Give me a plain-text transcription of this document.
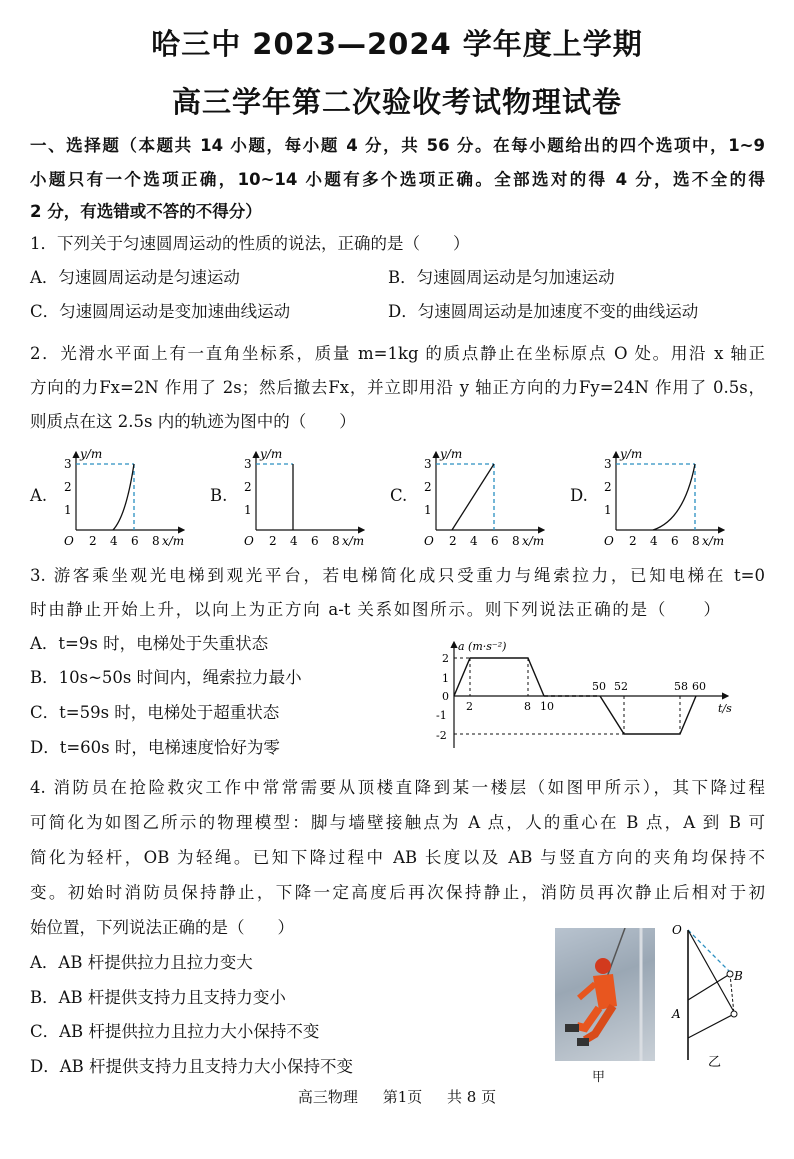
哈三中 2023—2024 学年度上学期
高三学年第二次验收考试物理试卷
一、选择题（本题共 14 小题，每小题 4 分，共 56 分。在每小题给出的四个选项中，1~9
小题只有一个选项正确，10~14 小题有多个选项正确。全部选对的得 4 分，选不全的得
2 分，有选错或不答的不得分）
1．下列关于匀速圆周运动的性质的说法，正确的是（　　）
A．匀速圆周运动是匀速运动	B．匀速圆周运动是匀加速运动
C．匀速圆周运动是变加速曲线运动	D．匀速圆周运动是加速度不变的曲线运动
2．光滑水平面上有一直角坐标系，质量 m=1kg 的质点静止在坐标原点 O 处。用沿 x 轴正
方向的力Fx=2N 作用了 2s；然后撤去Fx，并立即用沿 y 轴正方向的力Fy=24N 作用了 0.5s，
则质点在这 2.5s 内的轨迹为图中的（　　）
A.	B.	C.	D.
y/m
O 2 4 6 8 x/m
1
2
3
y/m
O 2 4 6 8 x/m
1
2
3
y/m
O 2 4 6 8 x/m
1
2
3
y/m
O 2 4 6 8 x/m
1
2
3
3. 游客乘坐观光电梯到观光平台，若电梯简化成只受重力与绳索拉力，已知电梯在 t=0
时由静止开始上升，以向上为正方向 a-t 关系如图所示。则下列说法正确的是（　　）
A．t=9s 时，电梯处于失重状态
B．10s~50s 时间内，绳索拉力最小
C．t=59s 时，电梯处于超重状态
D．t=60s 时，电梯速度恰好为零
a (m·s⁻²)
t/s
2
1
0
-1
-2
2	8 10
50 52	58 60
4. 消防员在抢险救灾工作中常常需要从顶楼直降到某一楼层（如图甲所示），其下降过程
可简化为如图乙所示的物理模型：脚与墙壁接触点为 A 点，人的重心在 B 点，A 到 B 可
简化为轻杆，OB 为轻绳。已知下降过程中 AB 长度以及 AB 与竖直方向的夹角均保持不
变。初始时消防员保持静止，下降一定高度后再次保持静止，消防员再次静止后相对于初
始位置，下列说法正确的是（　　）
A．AB 杆提供拉力且拉力变大
B．AB 杆提供支持力且支持力变小
C．AB 杆提供拉力且拉力大小保持不变
D．AB 杆提供支持力且支持力大小保持不变
甲
O
B
A
乙
高三物理 第1页 共 8 页
